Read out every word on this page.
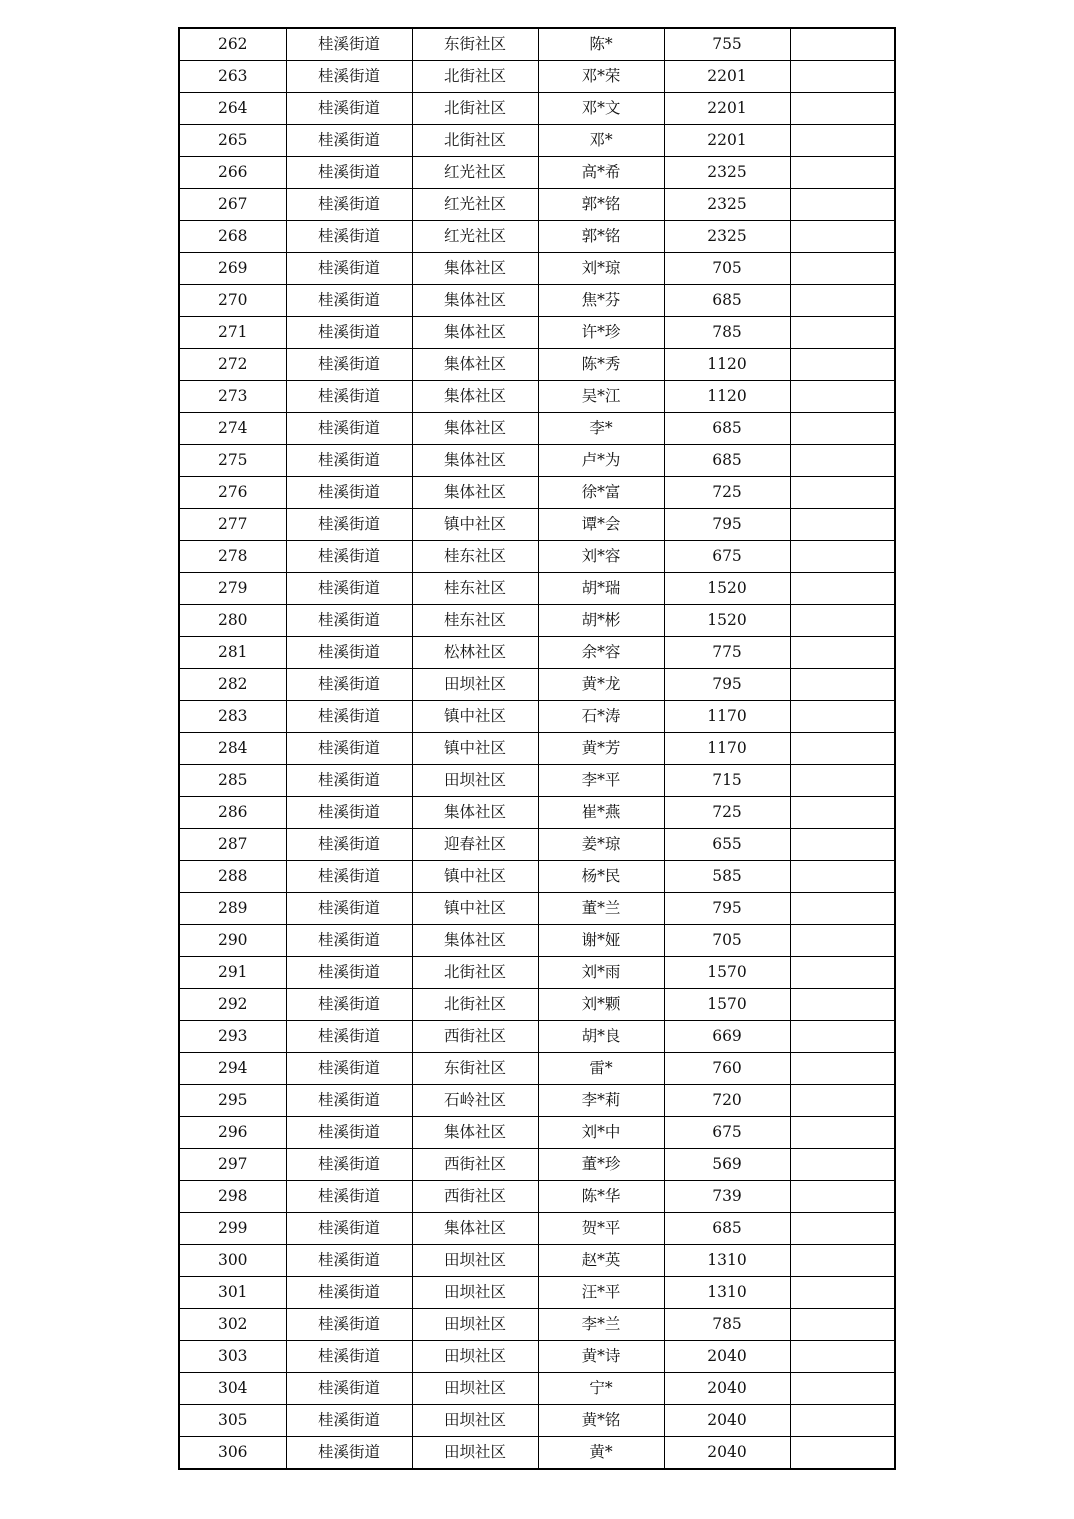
262	桂溪街道	东街社区	陈*	755	
263	桂溪街道	北街社区	邓*荣	2201	
264	桂溪街道	北街社区	邓*文	2201	
265	桂溪街道	北街社区	邓*	2201	
266	桂溪街道	红光社区	高*希	2325	
267	桂溪街道	红光社区	郭*铭	2325	
268	桂溪街道	红光社区	郭*铭	2325	
269	桂溪街道	集体社区	刘*琼	705	
270	桂溪街道	集体社区	焦*芬	685	
271	桂溪街道	集体社区	许*珍	785	
272	桂溪街道	集体社区	陈*秀	1120	
273	桂溪街道	集体社区	吴*江	1120	
274	桂溪街道	集体社区	李*	685	
275	桂溪街道	集体社区	卢*为	685	
276	桂溪街道	集体社区	徐*富	725	
277	桂溪街道	镇中社区	谭*会	795	
278	桂溪街道	桂东社区	刘*容	675	
279	桂溪街道	桂东社区	胡*瑞	1520	
280	桂溪街道	桂东社区	胡*彬	1520	
281	桂溪街道	松林社区	余*容	775	
282	桂溪街道	田坝社区	黄*龙	795	
283	桂溪街道	镇中社区	石*涛	1170	
284	桂溪街道	镇中社区	黄*芳	1170	
285	桂溪街道	田坝社区	李*平	715	
286	桂溪街道	集体社区	崔*燕	725	
287	桂溪街道	迎春社区	姜*琼	655	
288	桂溪街道	镇中社区	杨*民	585	
289	桂溪街道	镇中社区	董*兰	795	
290	桂溪街道	集体社区	谢*娅	705	
291	桂溪街道	北街社区	刘*雨	1570	
292	桂溪街道	北街社区	刘*颗	1570	
293	桂溪街道	西街社区	胡*良	669	
294	桂溪街道	东街社区	雷*	760	
295	桂溪街道	石岭社区	李*莉	720	
296	桂溪街道	集体社区	刘*中	675	
297	桂溪街道	西街社区	董*珍	569	
298	桂溪街道	西街社区	陈*华	739	
299	桂溪街道	集体社区	贺*平	685	
300	桂溪街道	田坝社区	赵*英	1310	
301	桂溪街道	田坝社区	汪*平	1310	
302	桂溪街道	田坝社区	李*兰	785	
303	桂溪街道	田坝社区	黄*诗	2040	
304	桂溪街道	田坝社区	宁*	2040	
305	桂溪街道	田坝社区	黄*铭	2040	
306	桂溪街道	田坝社区	黄*	2040	
